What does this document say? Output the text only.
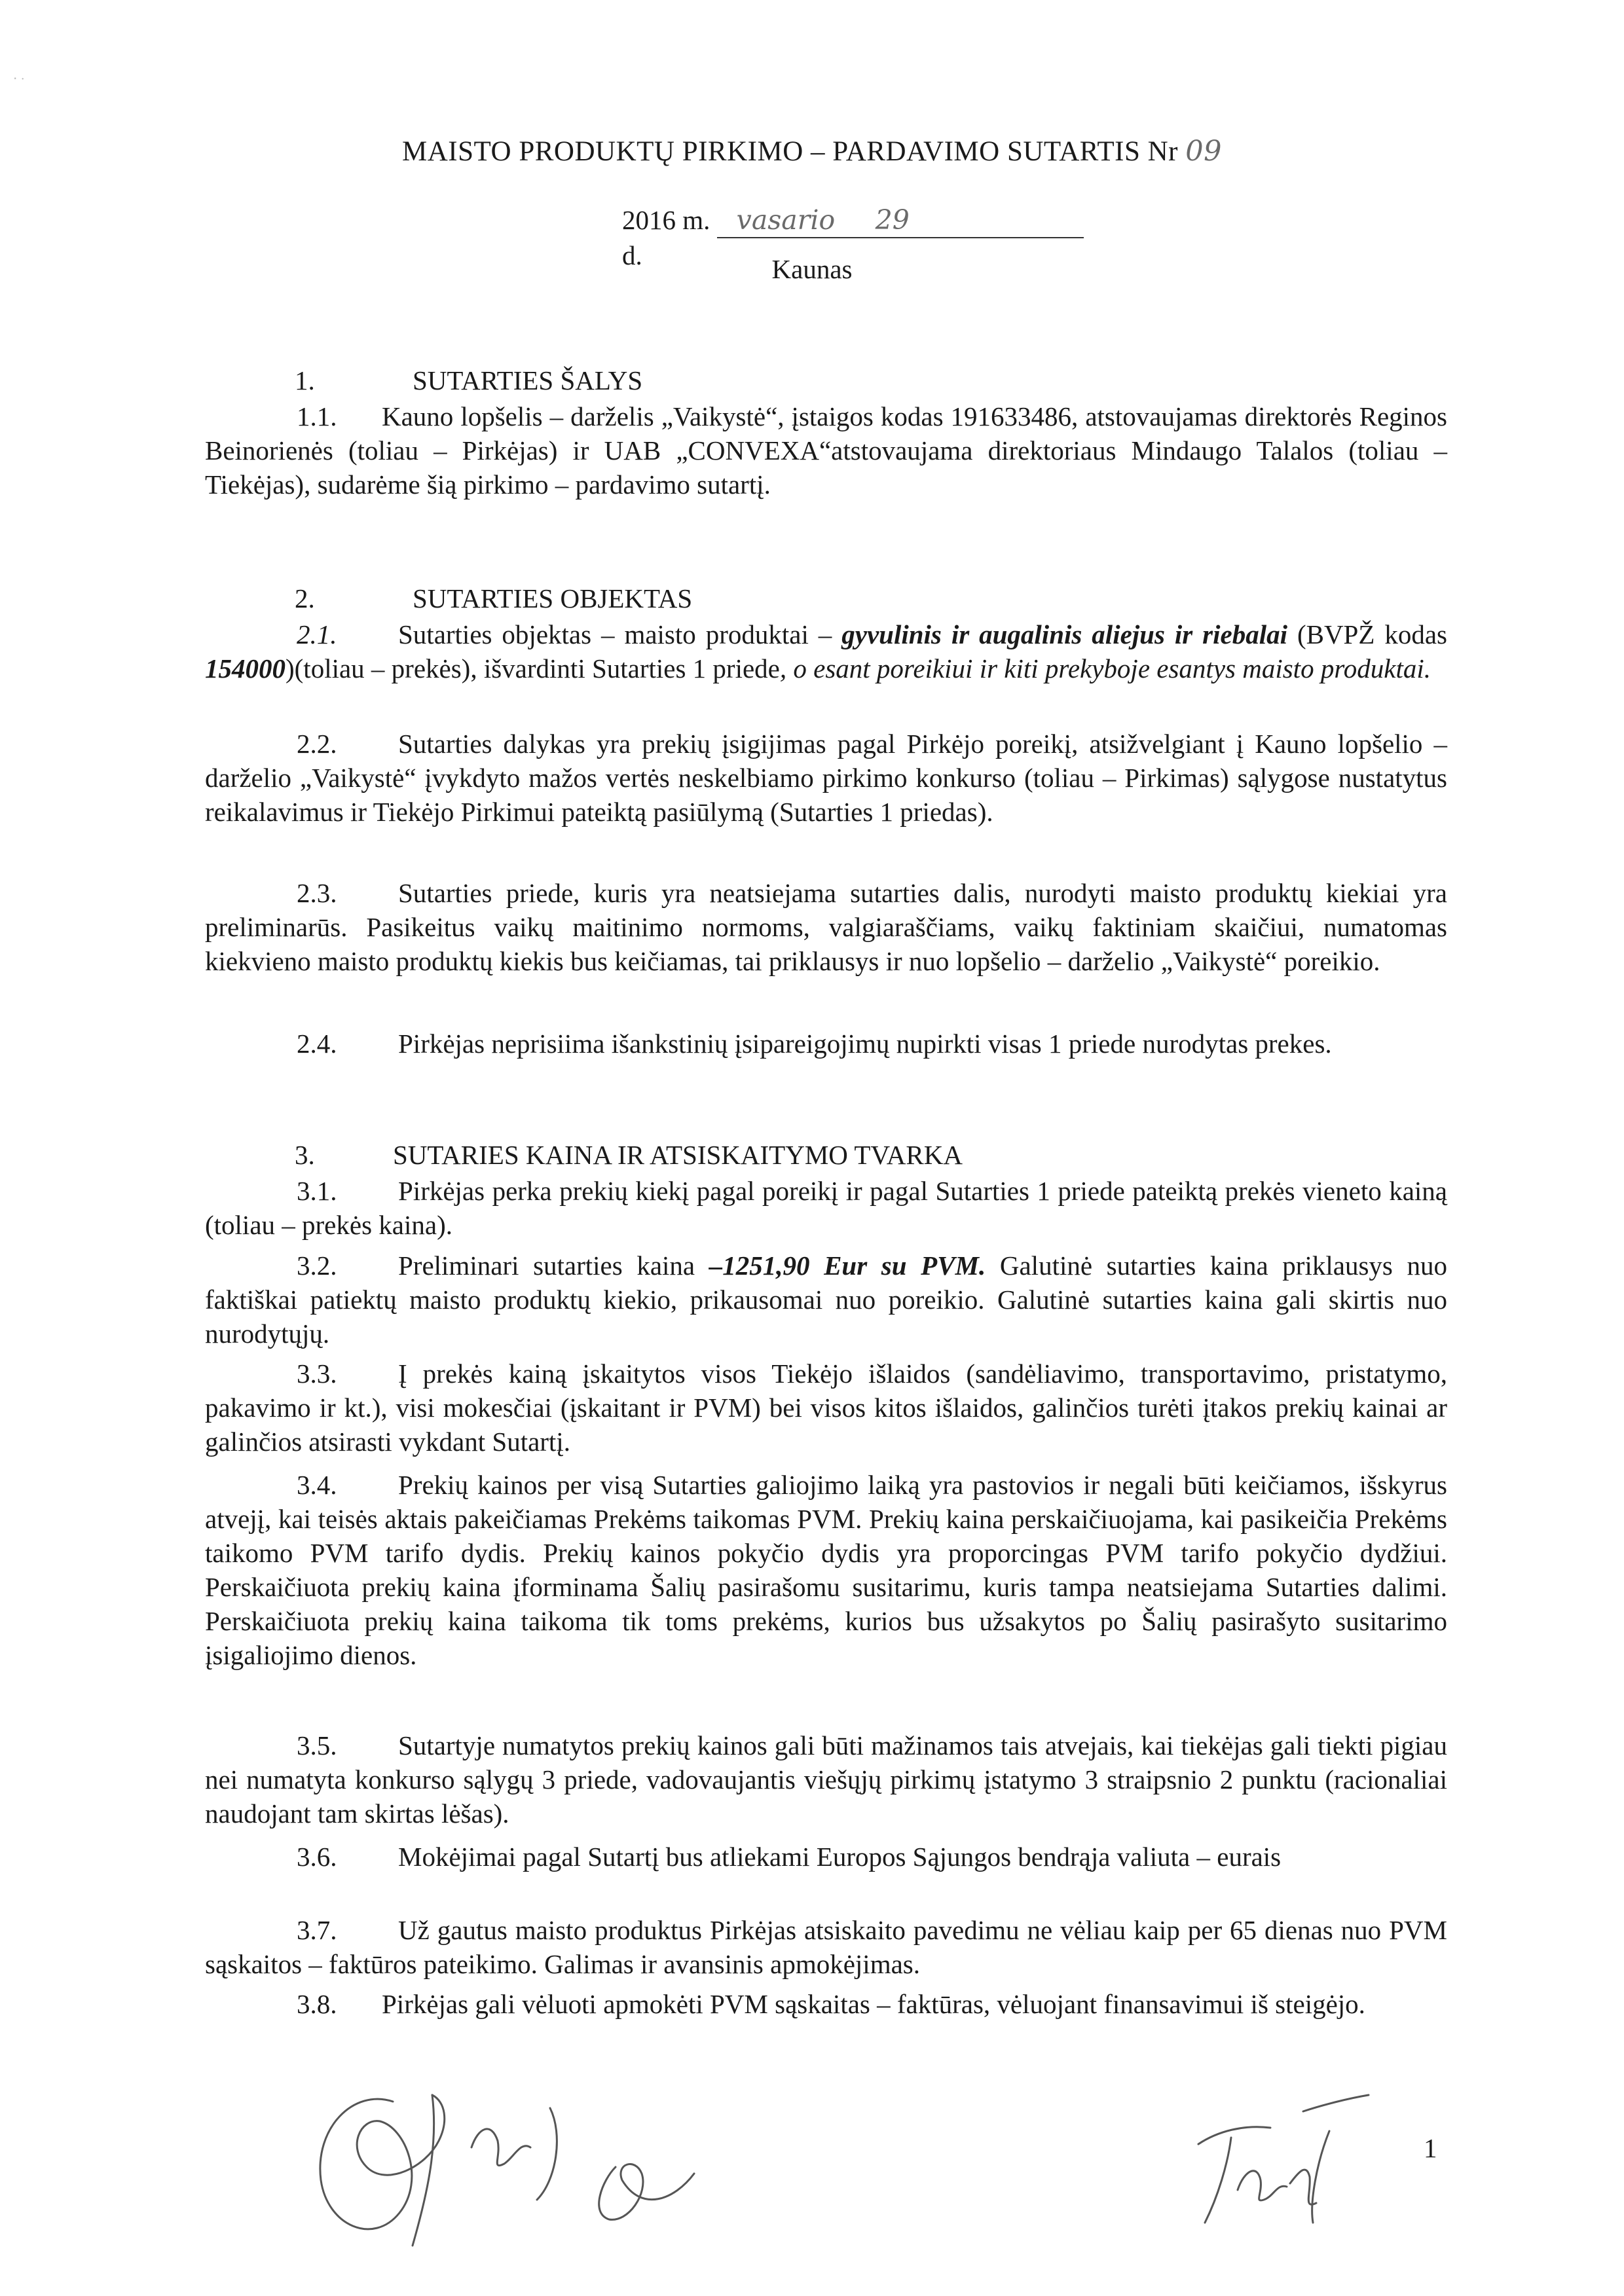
‧ ·
MAISTO PRODUKTŲ PIRKIMO – PARDAVIMO SUTARTIS Nr 09
2016 m. vasario 29    d.	Kaunas
1.	SUTARTIES ŠALYS
1.1. Kauno lopšelis – darželis „Vaikystė“, įstaigos kodas 191633486, atstovaujamas direktorės Reginos Beinorienės (toliau – Pirkėjas) ir UAB „CONVEXA“atstovaujama direktoriaus Mindaugo Talalos (toliau – Tiekėjas), sudarėme šią pirkimo – pardavimo sutartį.
2.	SUTARTIES OBJEKTAS
2.1. Sutarties objektas – maisto produktai – gyvulinis ir augalinis aliejus ir riebalai (BVPŽ kodas 154000)(toliau – prekės), išvardinti Sutarties 1 priede, o esant poreikiui ir kiti prekyboje esantys maisto produktai.
2.2. Sutarties dalykas yra prekių įsigijimas pagal Pirkėjo poreikį, atsižvelgiant į Kauno lopšelio – darželio „Vaikystė“ įvykdyto mažos vertės neskelbiamo pirkimo konkurso (toliau – Pirkimas) sąlygose nustatytus reikalavimus ir Tiekėjo Pirkimui pateiktą pasiūlymą (Sutarties 1 priedas).
2.3. Sutarties priede, kuris yra neatsiejama sutarties dalis, nurodyti maisto produktų kiekiai yra preliminarūs. Pasikeitus vaikų maitinimo normoms, valgiaraščiams, vaikų faktiniam skaičiui, numatomas kiekvieno maisto produktų kiekis bus keičiamas, tai priklausys ir nuo lopšelio – darželio „Vaikystė“ poreikio.
2.4. Pirkėjas neprisiima išankstinių įsipareigojimų nupirkti visas 1 priede nurodytas prekes.
3.	SUTARIES KAINA IR ATSISKAITYMO TVARKA
3.1. Pirkėjas perka prekių kiekį pagal poreikį ir pagal Sutarties 1 priede pateiktą prekės vieneto kainą (toliau – prekės kaina).
3.2. Preliminari sutarties kaina –1251,90 Eur su PVM. Galutinė sutarties kaina priklausys nuo faktiškai patiektų maisto produktų kiekio, prikausomai nuo poreikio. Galutinė sutarties kaina gali skirtis nuo nurodytųjų.
3.3. Į prekės kainą įskaitytos visos Tiekėjo išlaidos (sandėliavimo, transportavimo, pristatymo, pakavimo ir kt.), visi mokesčiai (įskaitant ir PVM) bei visos kitos išlaidos, galinčios turėti įtakos prekių kainai ar galinčios atsirasti vykdant Sutartį.
3.4. Prekių kainos per visą Sutarties galiojimo laiką yra pastovios ir negali būti keičiamos, išskyrus atvejį, kai teisės aktais pakeičiamas Prekėms taikomas PVM. Prekių kaina perskaičiuojama, kai pasikeičia Prekėms taikomo PVM tarifo dydis. Prekių kainos pokyčio dydis yra proporcingas PVM tarifo pokyčio dydžiui. Perskaičiuota prekių kaina įforminama Šalių pasirašomu susitarimu, kuris tampa neatsiejama Sutarties dalimi. Perskaičiuota prekių kaina taikoma tik toms prekėms, kurios bus užsakytos po Šalių pasirašyto susitarimo įsigaliojimo dienos.
3.5. Sutartyje numatytos prekių kainos gali būti mažinamos tais atvejais, kai tiekėjas gali tiekti pigiau nei numatyta konkurso sąlygų 3 priede, vadovaujantis viešųjų pirkimų įstatymo 3 straipsnio 2 punktu (racionaliai naudojant tam skirtas lėšas).
3.6. Mokėjimai pagal Sutartį bus atliekami Europos Sąjungos bendrąja valiuta – eurais
3.7. Už gautus maisto produktus Pirkėjas atsiskaito pavedimu ne vėliau kaip per 65 dienas nuo PVM sąskaitos – faktūros pateikimo. Galimas ir avansinis apmokėjimas.
3.8. Pirkėjas gali vėluoti apmokėti PVM sąskaitas – faktūras, vėluojant finansavimui iš steigėjo.
1
